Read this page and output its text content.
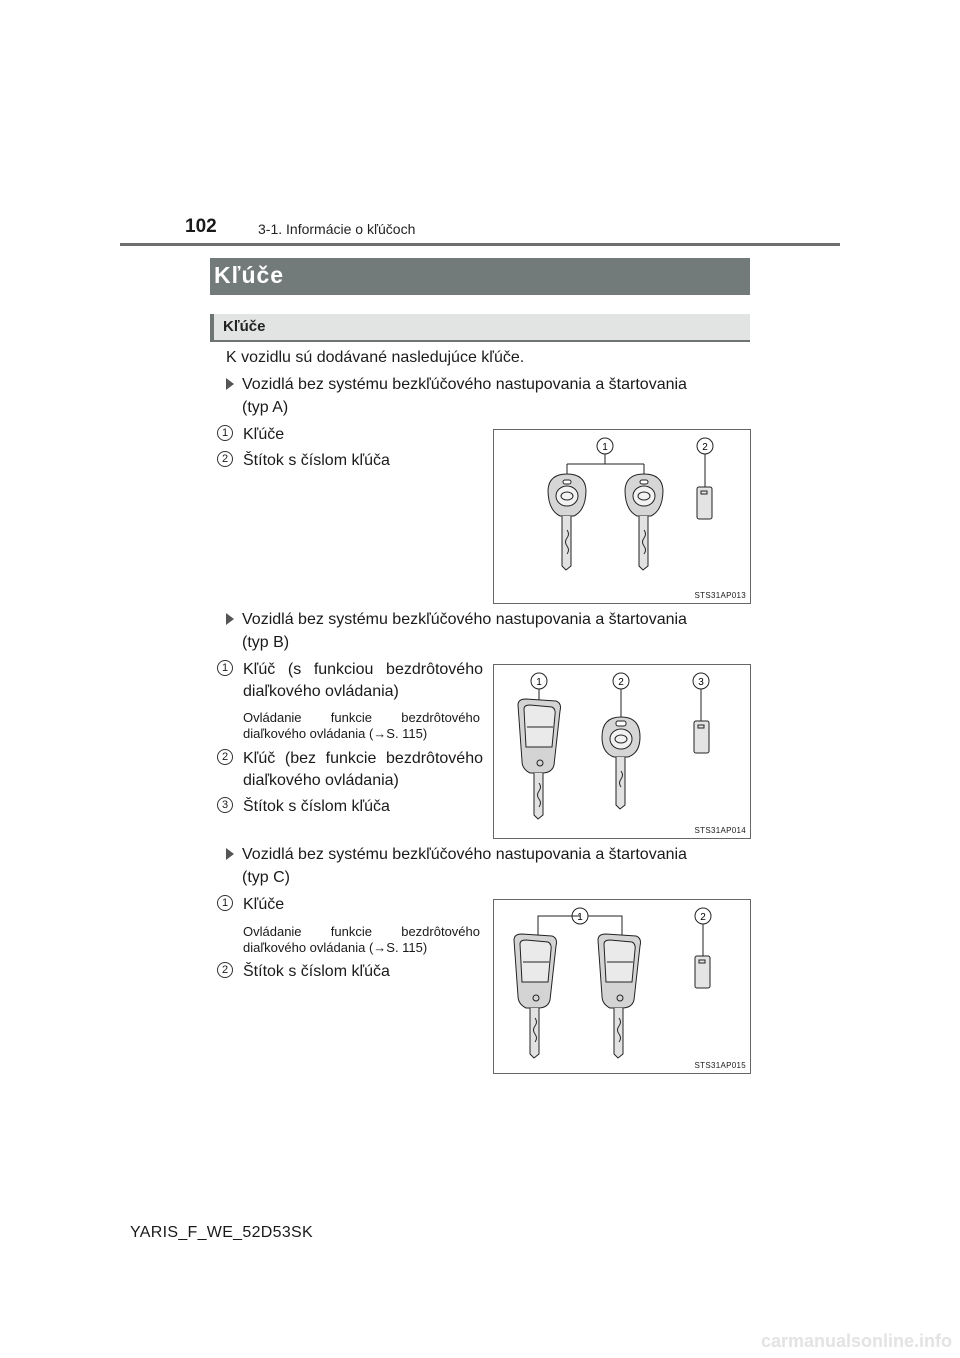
102	3-1. Informácie o kľúčoch
Kľúče
Kľúče
K vozidlu sú dodávané nasledujúce kľúče.
Vozidlá bez systému bezkľúčového nastupovania a štartovania
(typ A)
1 Kľúče
2 Štítok s číslom kľúča
1	2
STS31AP013
Vozidlá bez systému bezkľúčového nastupovania a štartovania
(typ B)
1 Kľúč (s funkciou bezdrôtového diaľkového ovládania)
Ovládanie funkcie bezdrôtového diaľkového ovládania (→S. 115)
2 Kľúč (bez funkcie bezdrôtového diaľkového ovládania)
3 Štítok s číslom kľúča
1	2	3
STS31AP014
Vozidlá bez systému bezkľúčového nastupovania a štartovania
(typ C)
1 Kľúče
Ovládanie funkcie bezdrôtového diaľkového ovládania (→S. 115)
2 Štítok s číslom kľúča
1	2
STS31AP015
YARIS_F_WE_52D53SK
carmanualsonline.info
